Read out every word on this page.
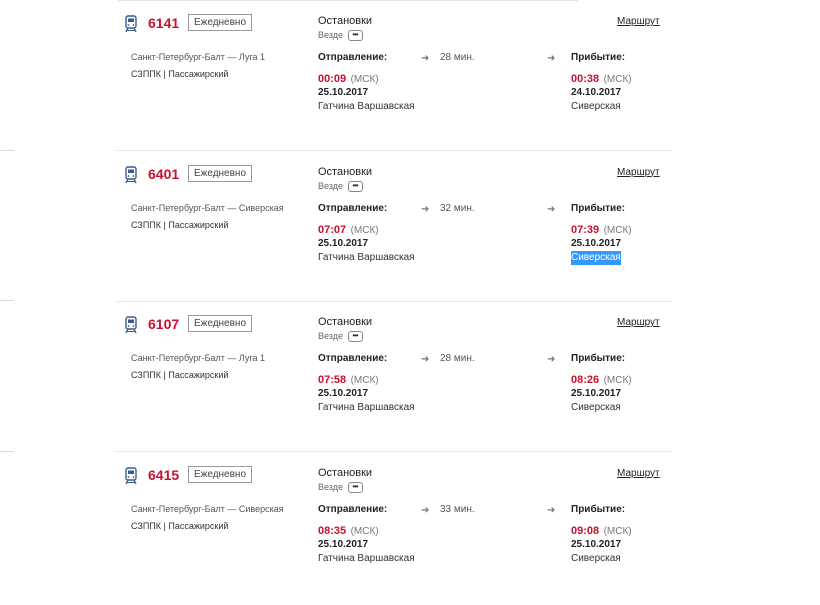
6141	Ежедневно
Санкт-Петербург-Балт — Луга 1
СЗППК | Пассажирский
Остановки
Везде •••
Маршрут
Отправление:	➜ 28 мин.	➜ Прибытие:
00:09 (МСК)	00:38 (МСК)
25.10.2017	24.10.2017
Гатчина Варшавская	Сиверская
6401	Ежедневно
Санкт-Петербург-Балт — Сиверская
СЗППК | Пассажирский
Остановки
Везде •••
Маршрут
Отправление:	➜ 32 мин.	➜ Прибытие:
07:07 (МСК)	07:39 (МСК)
25.10.2017	25.10.2017
Гатчина Варшавская	Сиверская
6107	Ежедневно
Санкт-Петербург-Балт — Луга 1
СЗППК | Пассажирский
Остановки
Везде •••
Маршрут
Отправление:	➜ 28 мин.	➜ Прибытие:
07:58 (МСК)	08:26 (МСК)
25.10.2017	25.10.2017
Гатчина Варшавская	Сиверская
6415	Ежедневно
Санкт-Петербург-Балт — Сиверская
СЗППК | Пассажирский
Остановки
Везде •••
Маршрут
Отправление:	➜ 33 мин.	➜ Прибытие:
08:35 (МСК)	09:08 (МСК)
25.10.2017	25.10.2017
Гатчина Варшавская	Сиверская
